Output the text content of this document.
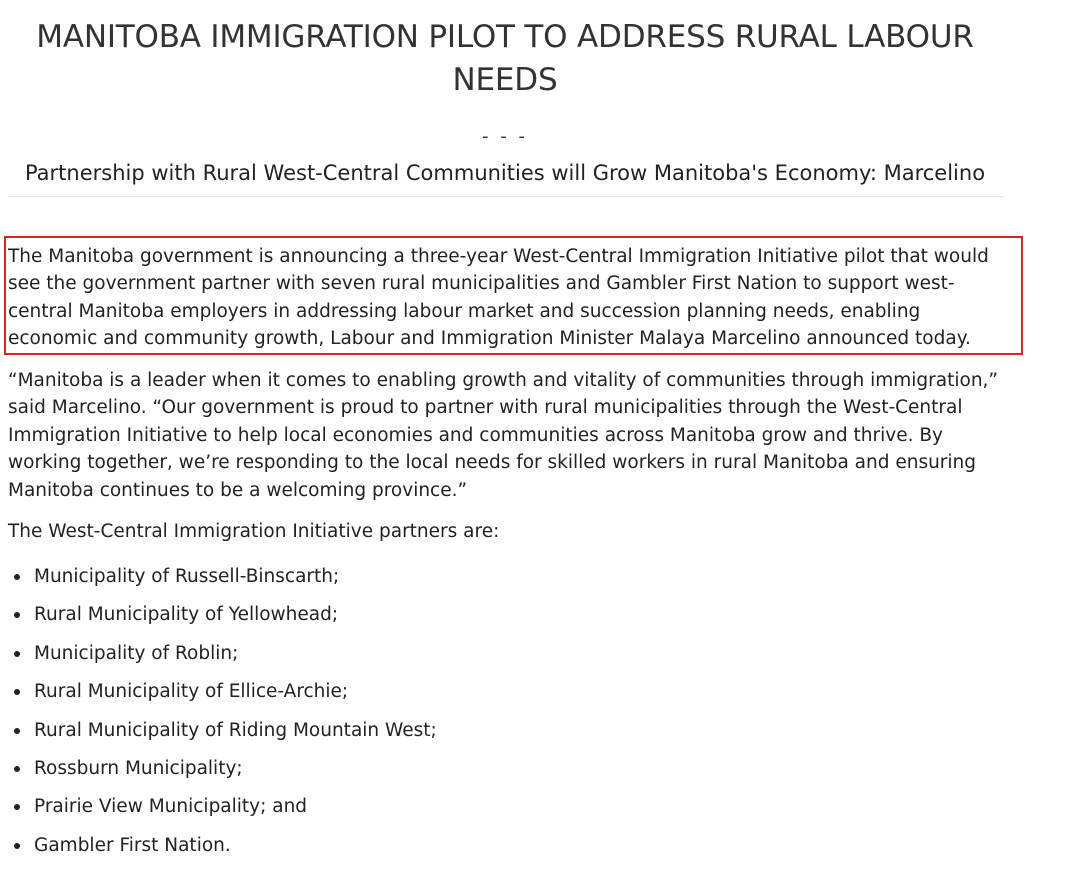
MANITOBA IMMIGRATION PILOT TO ADDRESS RURAL LABOUR NEEDS
- - -
Partnership with Rural West-Central Communities will Grow Manitoba's Economy: Marcelino

The Manitoba government is announcing a three-year West-Central Immigration Initiative pilot that would see the government partner with seven rural municipalities and Gambler First Nation to support west-central Manitoba employers in addressing labour market and succession planning needs, enabling economic and community growth, Labour and Immigration Minister Malaya Marcelino announced today.

“Manitoba is a leader when it comes to enabling growth and vitality of communities through immigration,” said Marcelino. “Our government is proud to partner with rural municipalities through the West-Central Immigration Initiative to help local economies and communities across Manitoba grow and thrive. By working together, we’re responding to the local needs for skilled workers in rural Manitoba and ensuring Manitoba continues to be a welcoming province.”

The West-Central Immigration Initiative partners are:

Municipality of Russell-Binscarth;
Rural Municipality of Yellowhead;
Municipality of Roblin;
Rural Municipality of Ellice-Archie;
Rural Municipality of Riding Mountain West;
Rossburn Municipality;
Prairie View Municipality; and
Gambler First Nation.
